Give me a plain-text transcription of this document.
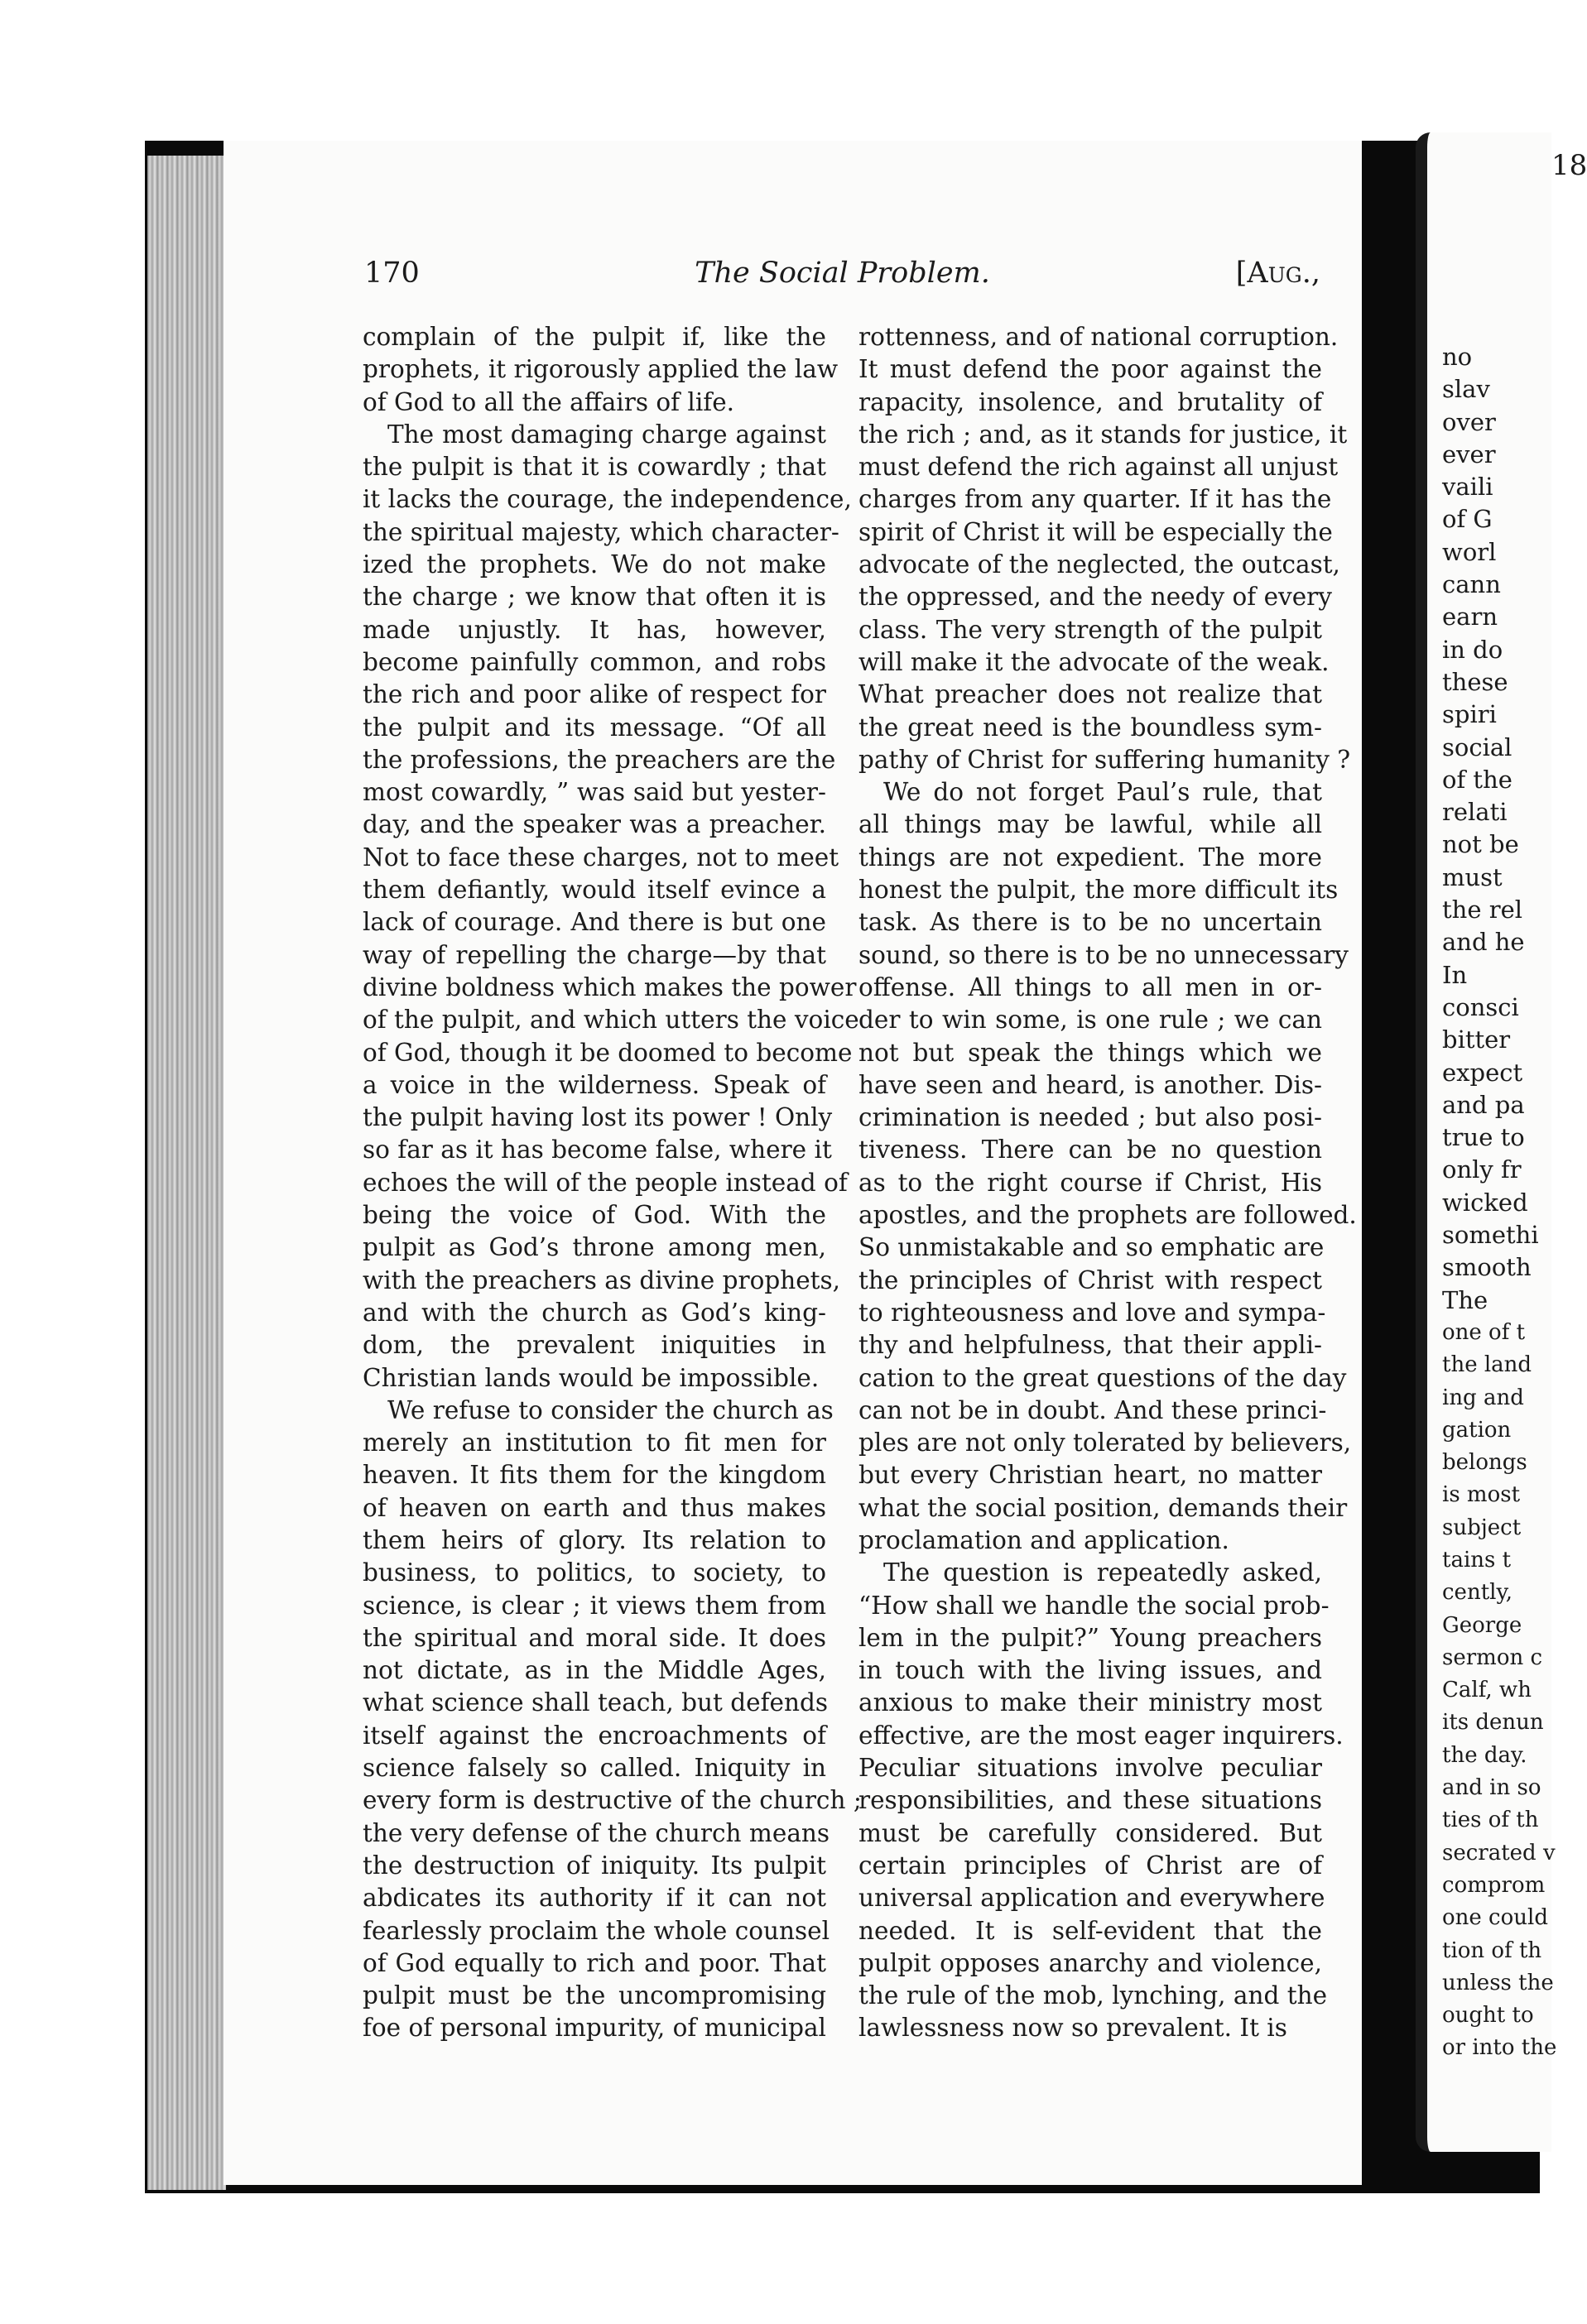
170	The Social Problem.	[Aug.,
complain of the pulpit if, like the
prophets, it rigorously applied the law
of God to all the affairs of life.
The most damaging charge against
the pulpit is that it is cowardly ; that
it lacks the courage, the independence,
the spiritual majesty, which character-
ized the prophets. We do not make
the charge ; we know that often it is
made unjustly. It has, however,
become painfully common, and robs
the rich and poor alike of respect for
the pulpit and its message. “Of all
the professions, the preachers are the
most cowardly, ” was said but yester-
day, and the speaker was a preacher.
Not to face these charges, not to meet
them defiantly, would itself evince a
lack of courage. And there is but one
way of repelling the charge—by that
divine boldness which makes the power
of the pulpit, and which utters the voice
of God, though it be doomed to become
a voice in the wilderness. Speak of
the pulpit having lost its power ! Only
so far as it has become false, where it
echoes the will of the people instead of
being the voice of God. With the
pulpit as God’s throne among men,
with the preachers as divine prophets,
and with the church as God’s king-
dom, the prevalent iniquities in
Christian lands would be impossible.
We refuse to consider the church as
merely an institution to fit men for
heaven. It fits them for the kingdom
of heaven on earth and thus makes
them heirs of glory. Its relation to
business, to politics, to society, to
science, is clear ; it views them from
the spiritual and moral side. It does
not dictate, as in the Middle Ages,
what science shall teach, but defends
itself against the encroachments of
science falsely so called. Iniquity in
every form is destructive of the church ;
the very defense of the church means
the destruction of iniquity. Its pulpit
abdicates its authority if it can not
fearlessly proclaim the whole counsel
of God equally to rich and poor. That
pulpit must be the uncompromising
foe of personal impurity, of municipal
rottenness, and of national corruption.
It must defend the poor against the
rapacity, insolence, and brutality of
the rich ; and, as it stands for justice, it
must defend the rich against all unjust
charges from any quarter. If it has the
spirit of Christ it will be especially the
advocate of the neglected, the outcast,
the oppressed, and the needy of every
class. The very strength of the pulpit
will make it the advocate of the weak.
What preacher does not realize that
the great need is the boundless sym-
pathy of Christ for suffering humanity ?
We do not forget Paul’s rule, that
all things may be lawful, while all
things are not expedient. The more
honest the pulpit, the more difficult its
task. As there is to be no uncertain
sound, so there is to be no unnecessary
offense. All things to all men in or-
der to win some, is one rule ; we can
not but speak the things which we
have seen and heard, is another. Dis-
crimination is needed ; but also posi-
tiveness. There can be no question
as to the right course if Christ, His
apostles, and the prophets are followed.
So unmistakable and so emphatic are
the principles of Christ with respect
to righteousness and love and sympa-
thy and helpfulness, that their appli-
cation to the great questions of the day
can not be in doubt. And these princi-
ples are not only tolerated by believers,
but every Christian heart, no matter
what the social position, demands their
proclamation and application.
The question is repeatedly asked,
“How shall we handle the social prob-
lem in the pulpit?” Young preachers
in touch with the living issues, and
anxious to make their ministry most
effective, are the most eager inquirers.
Peculiar situations involve peculiar
responsibilities, and these situations
must be carefully considered. But
certain principles of Christ are of
universal application and everywhere
needed. It is self-evident that the
pulpit opposes anarchy and violence,
the rule of the mob, lynching, and the
lawlessness now so prevalent. It is
18
no
slav
over
ever
vaili
of G
worl
cann
earn
in do
these
spiri
social
of the
relati
not be
must
the rel
and he
In
consci
bitter
expect
and pa
true to
only fr
wicked
somethi
smooth
The
one of t
the land
ing and
gation
belongs
is most
subject
tains t
cently,
George
sermon c
Calf, wh
its denun
the day.
and in so
ties of th
secrated v
comprom
one could
tion of th
unless the
ought to
or into the
